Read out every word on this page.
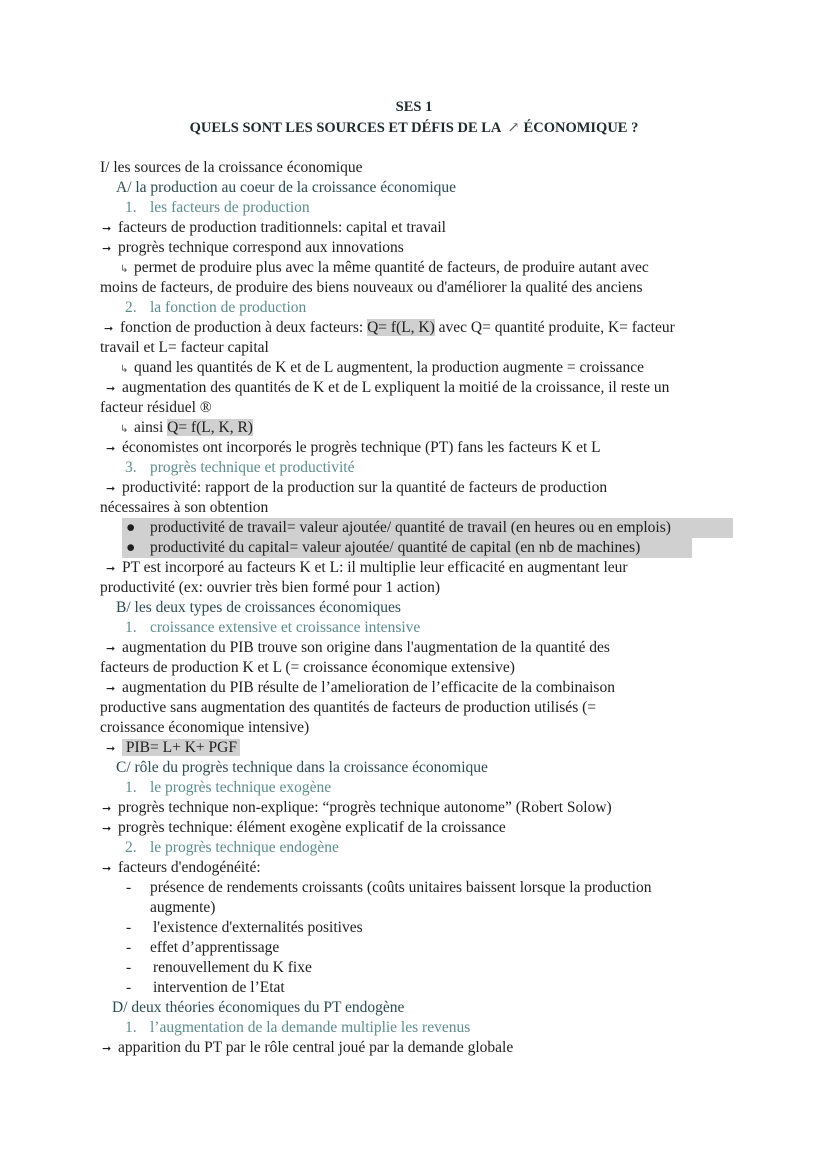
SES 1
QUELS SONT LES SOURCES ET DÉFIS DE LA ↗ ÉCONOMIQUE ?
I/ les sources de la croissance économique
A/ la production au coeur de la croissance économique
1. les facteurs de production
➞ facteurs de production traditionnels: capital et travail
➞ progrès technique correspond aux innovations
↳ permet de produire plus avec la même quantité de facteurs, de produire autant avec
moins de facteurs, de produire des biens nouveaux ou d'améliorer la qualité des anciens
2. la fonction de production
➞ fonction de production à deux facteurs: Q= f(L, K) avec Q= quantité produite, K= facteur
travail et L= facteur capital
↳ quand les quantités de K et de L augmentent, la production augmente = croissance
➞ augmentation des quantités de K et de L expliquent la moitié de la croissance, il reste un
facteur résiduel ®
↳ ainsi Q= f(L, K, R)
➞ économistes ont incorporés le progrès technique (PT) fans les facteurs K et L
3. progrès technique et productivité
➞ productivité: rapport de la production sur la quantité de facteurs de production
nécessaires à son obtention
● productivité de travail= valeur ajoutée/ quantité de travail (en heures ou en emplois)
● productivité du capital= valeur ajoutée/ quantité de capital (en nb de machines)
➞ PT est incorporé au facteurs K et L: il multiplie leur efficacité en augmentant leur
productivité (ex: ouvrier très bien formé pour 1 action)
B/ les deux types de croissances économiques
1. croissance extensive et croissance intensive
➞ augmentation du PIB trouve son origine dans l'augmentation de la quantité des
facteurs de production K et L (= croissance économique extensive)
➞ augmentation du PIB résulte de l’amelioration de l’efficacite de la combinaison
productive sans augmentation des quantités de facteurs de production utilisés (=
croissance économique intensive)
➞ PIB= L+ K+ PGF
C/ rôle du progrès technique dans la croissance économique
1. le progrès technique exogène
➞ progrès technique non-explique: “progrès technique autonome” (Robert Solow)
➞ progrès technique: élément exogène explicatif de la croissance
2. le progrès technique endogène
➞ facteurs d'endogénéité:
- présence de rendements croissants (coûts unitaires baissent lorsque la production
augmente)
- l'existence d'externalités positives
- effet d’apprentissage
- renouvellement du K fixe
- intervention de l’Etat
D/ deux théories économiques du PT endogène
1. l’augmentation de la demande multiplie les revenus
➞ apparition du PT par le rôle central joué par la demande globale
